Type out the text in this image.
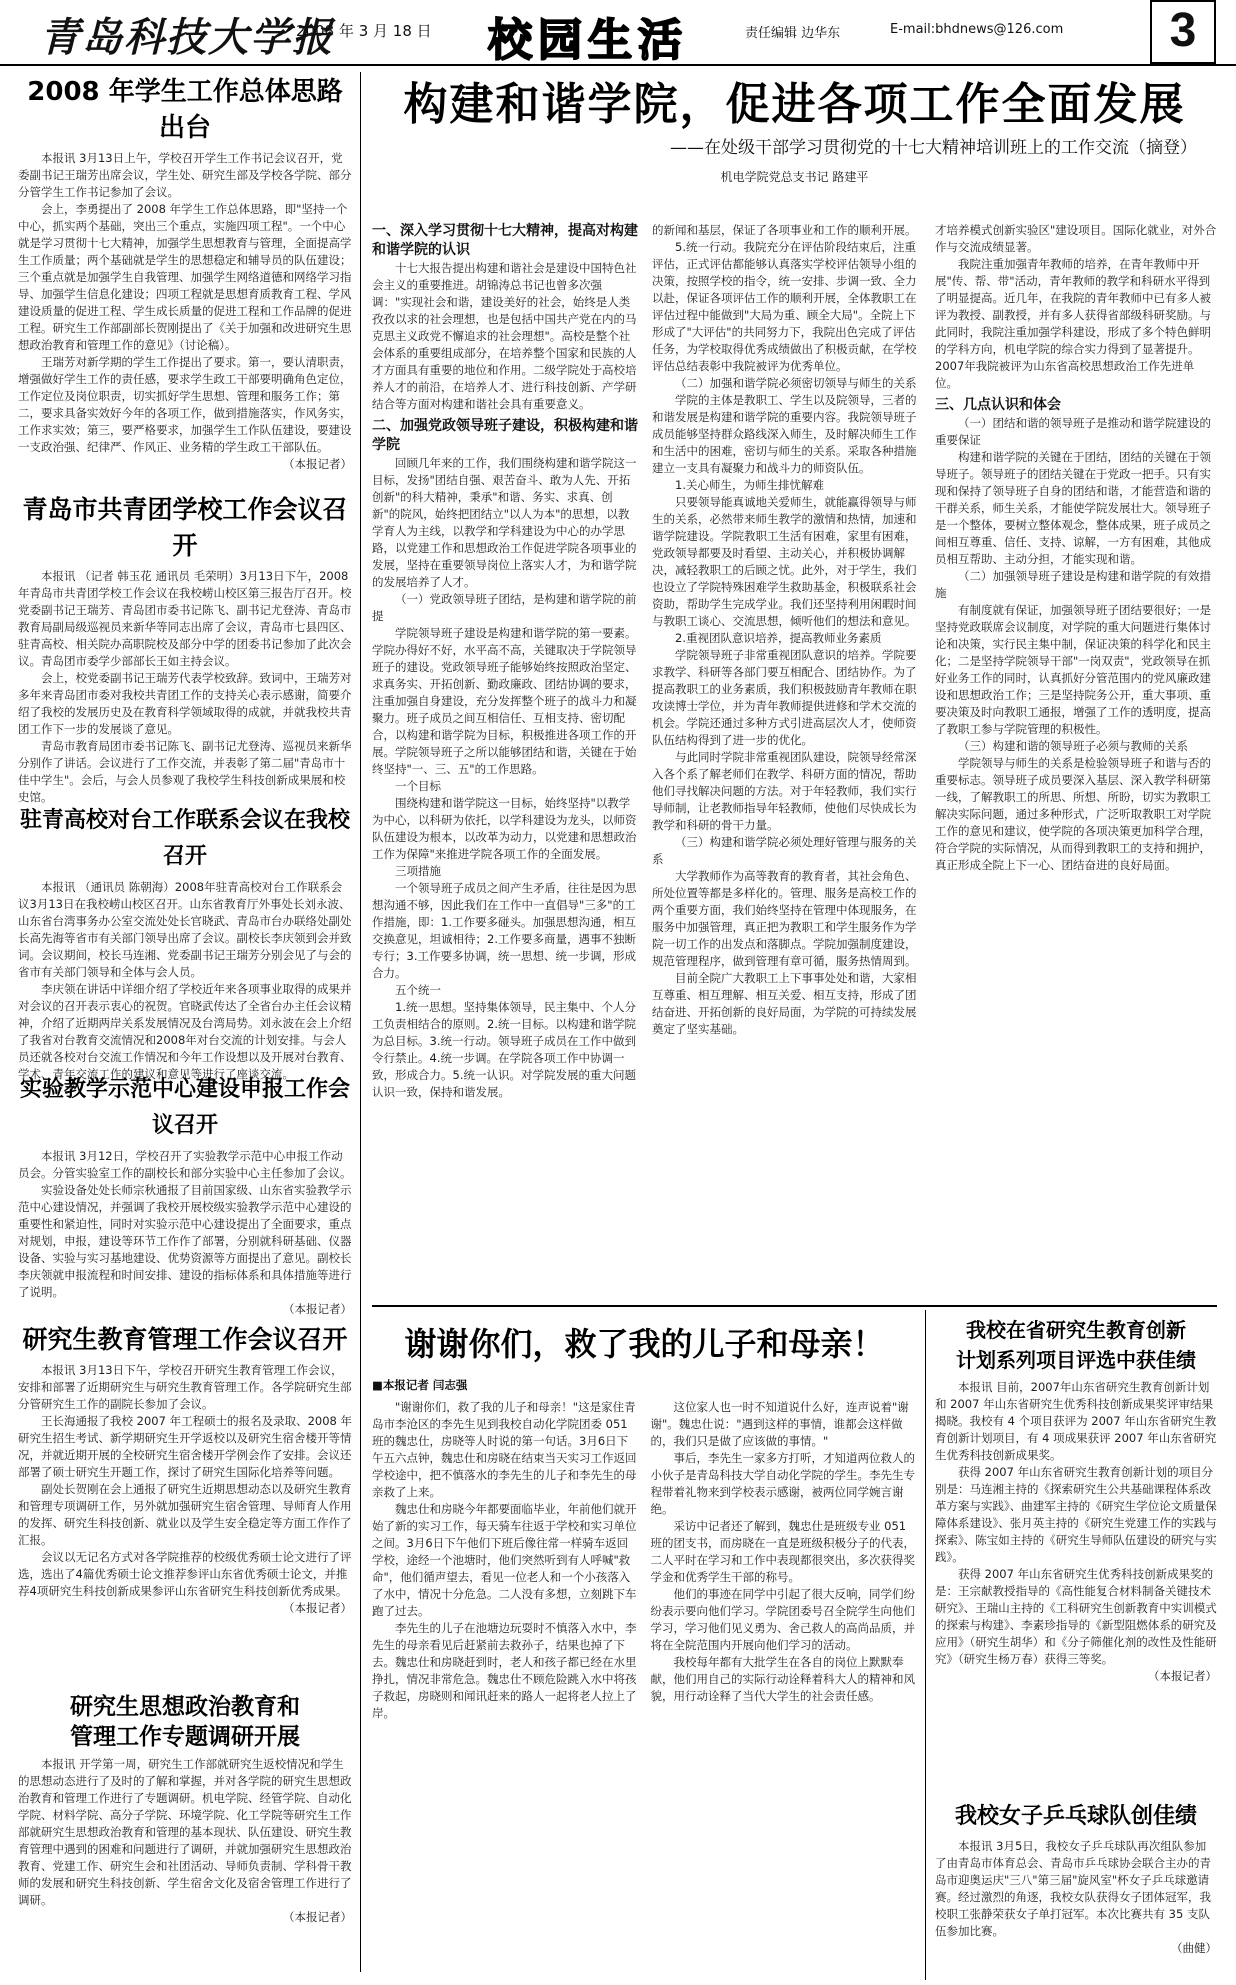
青岛科技大学报
2008 年 3 月 18 日 校园生活	责任编辑 边华东	E-mail:bhdnews@126.com	3
2008 年学生工作总体思路出台
本报讯 3月13日上午，学校召开学生工作书记会议召开，党委副书记王瑞芳出席会议，学生处、研究生部及学校各学院、部分分管学生工作书记参加了会议。
会上，李勇提出了 2008 年学生工作总体思路，即"坚持一个中心，抓实两个基础，突出三个重点，实施四项工程"。一个中心就是学习贯彻十七大精神，加强学生思想教育与管理，全面提高学生工作质量；两个基础就是学生的思想稳定和辅导员的队伍建设；三个重点就是加强学生自我管理、加强学生网络道德和网络学习指导、加强学生信息化建设；四项工程就是思想育质教育工程、学风建设质量的促进工程、学生成长质量的促进工程和工作品牌的促进工程。研究生工作部副部长贺刚提出了《关于加强和改进研究生思想政治教育和管理工作的意见》（讨论稿）。
王瑞芳对新学期的学生工作提出了要求。第一，要认清职责，增强做好学生工作的责任感，要求学生政工干部要明确角色定位，工作定位及岗位职责，切实抓好学生思想、管理和服务工作；第二，要求具备实效好今年的各项工作，做到措施落实，作风务实，工作求实效；第三，要严格要求，加强学生工作队伍建设，要建设一支政治强、纪律严、作风正、业务精的学生政工干部队伍。
（本报记者）
青岛市共青团学校工作会议召开
本报讯 （记者 韩玉花 通讯员 毛荣明）3月13日下午，2008年青岛市共青团学校工作会议在我校崂山校区第三报告厅召开。校党委副书记王瑞芳、青岛团市委书记陈飞、副书记尤登涛、青岛市教育局副局级巡视员来新华等同志出席了会议，青岛市七县四区、驻青高校、相关院办高职院校及部分中学的团委书记参加了此次会议。青岛团市委学少部部长王如主持会议。
会上，校党委副书记王瑞芳代表学校致辞。致词中，王瑞芳对多年来青岛团市委对我校共青团工作的支持关心表示感谢，简要介绍了我校的发展历史及在教育科学领域取得的成就，并就我校共青团工作下一步的发展谈了意见。
青岛市教育局团市委书记陈飞、副书记尤登涛、巡视员来新华分别作了讲话。会议进行了工作交流，并表彰了第二届"青岛市十佳中学生"。会后，与会人员参观了我校学生科技创新成果展和校史馆。
驻青高校对台工作联系会议在我校召开
本报讯 （通讯员 陈朝海）2008年驻青高校对台工作联系会议3月13日在我校崂山校区召开。山东省教育厅外事处长刘永波、山东省台湾事务办公室交流处处长官晓武、青岛市台办联络处副处长高先海等省市有关部门领导出席了会议。副校长李庆领到会并致词。会议期间，校长马连湘、党委副书记王瑞芳分别会见了与会的省市有关部门领导和全体与会人员。
李庆领在讲话中详细介绍了学校近年来各项事业取得的成果并对会议的召开表示衷心的祝贺。官晓武传达了全省台办主任会议精神，介绍了近期两岸关系发展情况及台湾局势。刘永波在会上介绍了我省对台教育交流情况和2008年对台交流的计划安排。与会人员还就各校对台交流工作情况和今年工作设想以及开展对台教育、学术、青年交流工作的建议和意见等进行了座谈交流。
实验教学示范中心建设申报工作会议召开
本报讯 3月12日，学校召开了实验教学示范中心申报工作动员会。分管实验室工作的副校长和部分实验中心主任参加了会议。
实验设备处处长师宗秋通报了目前国家级、山东省实验教学示范中心建设情况，并强调了我校开展校级实验教学示范中心建设的重要性和紧迫性，同时对实验示范中心建设提出了全面要求，重点对规划，申报，建设等环节工作作了部署，分别就科研基础、仪器设备、实验与实习基地建设、优势资源等方面提出了意见。副校长李庆领就申报流程和时间安排、建设的指标体系和具体措施等进行了说明。
（本报记者）
研究生教育管理工作会议召开
本报讯 3月13日下午，学校召开研究生教育管理工作会议，安排和部署了近期研究生与研究生教育管理工作。各学院研究生部分管研究生工作的副院长参加了会议。
王长海通报了我校 2007 年工程硕士的报名及录取、2008 年研究生招生考试、新学期研究生开学返校以及研究生宿舍楼开等情况，并就近期开展的全校研究生宿舍楼开学例会作了安排。会议还部署了硕士研究生开题工作，探讨了研究生国际化培养等问题。
副处长贺刚在会上通报了研究生近期思想动态以及研究生教育和管理专项调研工作，另外就加强研究生宿舍管理、导师育人作用的发挥、研究生科技创新、就业以及学生安全稳定等方面工作作了汇报。
会议以无记名方式对各学院推荐的校级优秀硕士论文进行了评选，选出了4篇优秀硕士论文推荐参评山东省优秀硕士论文，并推荐4项研究生科技创新成果参评山东省研究生科技创新优秀成果。
（本报记者）
研究生思想政治教育和
管理工作专题调研开展
本报讯 开学第一周，研究生工作部就研究生返校情况和学生的思想动态进行了及时的了解和掌握，并对各学院的研究生思想政治教育和管理工作进行了专题调研。机电学院、经管学院、自动化学院、材料学院、高分子学院、环境学院、化工学院等研究生工作部就研究生思想政治教育和管理的基本现状、队伍建设、研究生教育管理中遇到的困难和问题进行了调研，并就加强研究生思想政治教育、党建工作、研究生会和社团活动、导师负责制、学科骨干教师的发展和研究生科技创新、学生宿舍文化及宿舍管理工作进行了调研。
（本报记者）
构建和谐学院，促进各项工作全面发展
——在处级干部学习贯彻党的十七大精神培训班上的工作交流（摘登）
机电学院党总支书记 路建平
一、深入学习贯彻十七大精神，提高对构建和谐学院的认识
十七大报告提出构建和谐社会是建设中国特色社会主义的重要推进。胡锦涛总书记也曾多次强调："实现社会和谐，建设美好的社会，始终是人类孜孜以求的社会理想，也是包括中国共产党在内的马克思主义政党不懈追求的社会理想"。高校是整个社会体系的重要组成部分，在培养整个国家和民族的人才方面具有重要的地位和作用。二级学院处于高校培养人才的前沿，在培养人才、进行科技创新、产学研结合等方面对构建和谐社会具有重要意义。
二、加强党政领导班子建设，积极构建和谐学院
回顾几年来的工作，我们围绕构建和谐学院这一目标，发扬"团结自强、艰苦奋斗、敢为人先、开拓创新"的科大精神，秉承"和谐、务实、求真、创新"的院风，始终把团结立"以人为本"的思想，以教学育人为主线，以教学和学科建设为中心的办学思路，以党建工作和思想政治工作促进学院各项事业的发展，坚持在重要领导岗位上落实人才，为和谐学院的发展培养了人才。
（一）党政领导班子团结，是构建和谐学院的前提
学院领导班子建设是构建和谐学院的第一要素。学院办得好不好，水平高不高，关键取决于学院领导班子的建设。党政领导班子能够始终按照政治坚定、求真务实、开拓创新、勤政廉政、团结协调的要求，注重加强自身建设，充分发挥整个班子的战斗力和凝聚力。班子成员之间互相信任、互相支持、密切配合，以构建和谐学院为目标，积极推进各项工作的开展。学院领导班子之所以能够团结和谐，关键在于始终坚持"一、三、五"的工作思路。
一个目标
围绕构建和谐学院这一目标，始终坚持"以教学为中心，以科研为依托，以学科建设为龙头，以师资队伍建设为根本，以改革为动力，以党建和思想政治工作为保障"来推进学院各项工作的全面发展。
三项措施
一个领导班子成员之间产生矛盾，往往是因为思想沟通不够，因此我们在工作中一直倡导"三多"的工作措施，即：1.工作要多碰头。加强思想沟通，相互交换意见，坦诚相待；2.工作要多商量，遇事不独断专行；3.工作要多协调，统一思想、统一步调，形成合力。
五个统一
1.统一思想。坚持集体领导，民主集中、个人分工负责相结合的原则。2.统一目标。以构建和谐学院为总目标。3.统一行动。领导班子成员在工作中做到令行禁止。4.统一步调。在学院各项工作中协调一致，形成合力。5.统一认识。对学院发展的重大问题认识一致，保持和谐发展。
的新闻和基层，保证了各项事业和工作的顺利开展。
5.统一行动。我院充分在评估阶段结束后，注重评估，正式评估都能够认真落实学校评估领导小组的决策，按照学校的指令，统一安排、步调一致、全力以赴，保证各项评估工作的顺利开展，全体教职工在评估过程中能做到"大局为重、顾全大局"。全院上下形成了"大评估"的共同努力下，我院出色完成了评估任务，为学校取得优秀成绩做出了积极贡献，在学校评估总结表彰中我院被评为优秀单位。
（二）加强和谐学院必须密切领导与师生的关系
学院的主体是教职工、学生以及院领导，三者的和谐发展是构建和谐学院的重要内容。我院领导班子成员能够坚持群众路线深入师生，及时解决师生工作和生活中的困难，密切与师生的关系。采取各种措施建立一支具有凝聚力和战斗力的师资队伍。
1.关心师生，为师生排忧解难
只要领导能真诚地关爱师生，就能赢得领导与师生的关系，必然带来师生教学的激情和热情，加速和谐学院建设。学院教职工生活有困难，家里有困难，党政领导都要及时看望、主动关心，并积极协调解决，减轻教职工的后顾之忧。此外，对于学生，我们也设立了学院特殊困难学生救助基金，积极联系社会资助，帮助学生完成学业。我们还坚持利用闲暇时间与教职工谈心、交流思想，倾听他们的想法和意见。
2.重视团队意识培养，提高教师业务素质
学院领导班子非常重视团队意识的培养。学院要求教学、科研等各部门要互相配合、团结协作。为了提高教职工的业务素质，我们积极鼓励青年教师在职攻读博士学位，并为青年教师提供进修和学术交流的机会。学院还通过多种方式引进高层次人才，使师资队伍结构得到了进一步的优化。
与此同时学院非常重视团队建设，院领导经常深入各个系了解老师们在教学、科研方面的情况，帮助他们寻找解决问题的方法。对于年轻教师，我们实行导师制，让老教师指导年轻教师，使他们尽快成长为教学和科研的骨干力量。
（三）构建和谐学院必须处理好管理与服务的关系
大学教师作为高等教育的教育者，其社会角色、所处位置等都是多样化的。管理、服务是高校工作的两个重要方面，我们始终坚持在管理中体现服务，在服务中加强管理，真正把为教职工和学生服务作为学院一切工作的出发点和落脚点。学院加强制度建设，规范管理程序，做到管理有章可循，服务热情周到。
目前全院广大教职工上下事事处处和谐，大家相互尊重、相互理解、相互关爱、相互支持，形成了团结奋进、开拓创新的良好局面，为学院的可持续发展奠定了坚实基础。
才培养模式创新实验区"建设项目。国际化就业，对外合作与交流成绩显著。
我院注重加强青年教师的培养，在青年教师中开展"传、帮、带"活动，青年教师的教学和科研水平得到了明显提高。近几年，在我院的青年教师中已有多人被评为教授、副教授，并有多人获得省部级科研奖励。与此同时，我院注重加强学科建设，形成了多个特色鲜明的学科方向，机电学院的综合实力得到了显著提升。2007年我院被评为山东省高校思想政治工作先进单位。
三、几点认识和体会
（一）团结和谐的领导班子是推动和谐学院建设的重要保证
构建和谐学院的关键在于团结，团结的关键在于领导班子。领导班子的团结关键在于党政一把手。只有实现和保持了领导班子自身的团结和谐，才能营造和谐的干群关系，师生关系，才能使学院发展壮大。领导班子是一个整体，要树立整体观念，整体成果，班子成员之间相互尊重、信任、支持、谅解，一方有困难，其他成员相互帮助、主动分担，才能实现和谐。
（二）加强领导班子建设是构建和谐学院的有效措施
有制度就有保证，加强领导班子团结要很好；一是坚持党政联席会议制度，对学院的重大问题进行集体讨论和决策，实行民主集中制，保证决策的科学化和民主化；二是坚持学院领导干部"一岗双责"，党政领导在抓好业务工作的同时，认真抓好分管范围内的党风廉政建设和思想政治工作；三是坚持院务公开，重大事项、重要决策及时向教职工通报，增强了工作的透明度，提高了教职工参与学院管理的积极性。
（三）构建和谐的领导班子必须与教师的关系
学院领导与师生的关系是检验领导班子和谐与否的重要标志。领导班子成员要深入基层、深入教学科研第一线，了解教职工的所思、所想、所盼，切实为教职工解决实际问题，通过多种形式，广泛听取教职工对学院工作的意见和建议，使学院的各项决策更加科学合理，符合学院的实际情况，从而得到教职工的支持和拥护，真正形成全院上下一心、团结奋进的良好局面。
谢谢你们，救了我的儿子和母亲！
■本报记者 闫志强
"谢谢你们，救了我的儿子和母亲！"这是家住青岛市李沧区的李先生见到我校自动化学院团委 051 班的魏忠仕，房晓等人时说的第一句话。3月6日下午五六点钟，魏忠仕和房晓在结束当天实习工作返回学校途中，把不慎落水的李先生的儿子和李先生的母亲救了上来。
魏忠仕和房晓今年都要面临毕业，年前他们就开始了新的实习工作，每天骑车往返于学校和实习单位之间。3月6日下午他们下班后像往常一样骑车返回学校，途经一个池塘时，他们突然听到有人呼喊"救命"，他们循声望去，看见一位老人和一个小孩落入了水中，情况十分危急。二人没有多想，立刻跳下车跑了过去。
李先生的儿子在池塘边玩耍时不慎落入水中，李先生的母亲看见后赶紧前去救孙子，结果也掉了下去。魏忠仕和房晓赶到时，老人和孩子都已经在水里挣扎，情况非常危急。魏忠仕不顾危险跳入水中将孩子救起，房晓则和闻讯赶来的路人一起将老人拉上了岸。
这位家人也一时不知道说什么好，连声说着"谢谢"。魏忠仕说："遇到这样的事情，谁都会这样做的，我们只是做了应该做的事情。"
事后，李先生一家多方打听，才知道两位救人的小伙子是青岛科技大学自动化学院的学生。李先生专程带着礼物来到学校表示感谢，被两位同学婉言谢绝。
采访中记者还了解到，魏忠仕是班级专业 051 班的团支书，而房晓在一直是班级积极分子的代表，二人平时在学习和工作中表现都很突出，多次获得奖学金和优秀学生干部的称号。
他们的事迹在同学中引起了很大反响，同学们纷纷表示要向他们学习。学院团委号召全院学生向他们学习，学习他们见义勇为、舍己救人的高尚品质，并将在全院范围内开展向他们学习的活动。
我校每年都有大批学生在各自的岗位上默默奉献，他们用自己的实际行动诠释着科大人的精神和风貌，用行动诠释了当代大学生的社会责任感。
我校在省研究生教育创新
计划系列项目评选中获佳绩
本报讯 目前，2007年山东省研究生教育创新计划和 2007 年山东省研究生优秀科技创新成果奖评审结果揭晓。我校有 4 个项目获评为 2007 年山东省研究生教育创新计划项目，有 4 项成果获评 2007 年山东省研究生优秀科技创新成果奖。
获得 2007 年山东省研究生教育创新计划的项目分别是：马连湘主持的《探索研究生公共基础课程体系改革方案与实践》、曲建军主持的《研究生学位论文质量保障体系建设》、张月英主持的《研究生党建工作的实践与探索》、陈宝如主持的《研究生导师队伍建设的研究与实践》。
获得 2007 年山东省研究生优秀科技创新成果奖的是：王宗献教授指导的《高性能复合材料制备关键技术研究》、王瑞山主持的《工科研究生创新教育中实训模式的探索与构建》、李素珍指导的《新型阻燃体系的研究及应用》（研究生胡华）和《分子筛催化剂的改性及性能研究》（研究生杨万春）获得三等奖。
（本报记者）
我校女子乒乓球队创佳绩
本报讯 3月5日，我校女子乒乓球队再次组队参加了由青岛市体育总会、青岛市乒乓球协会联合主办的青岛市迎奥运庆"三八"第三届"旋风室"杯女子乒乓球邀请赛。经过激烈的角逐，我校女队获得女子团体冠军，我校职工张静荣获女子单打冠军。本次比赛共有 35 支队伍参加比赛。
（曲健）
